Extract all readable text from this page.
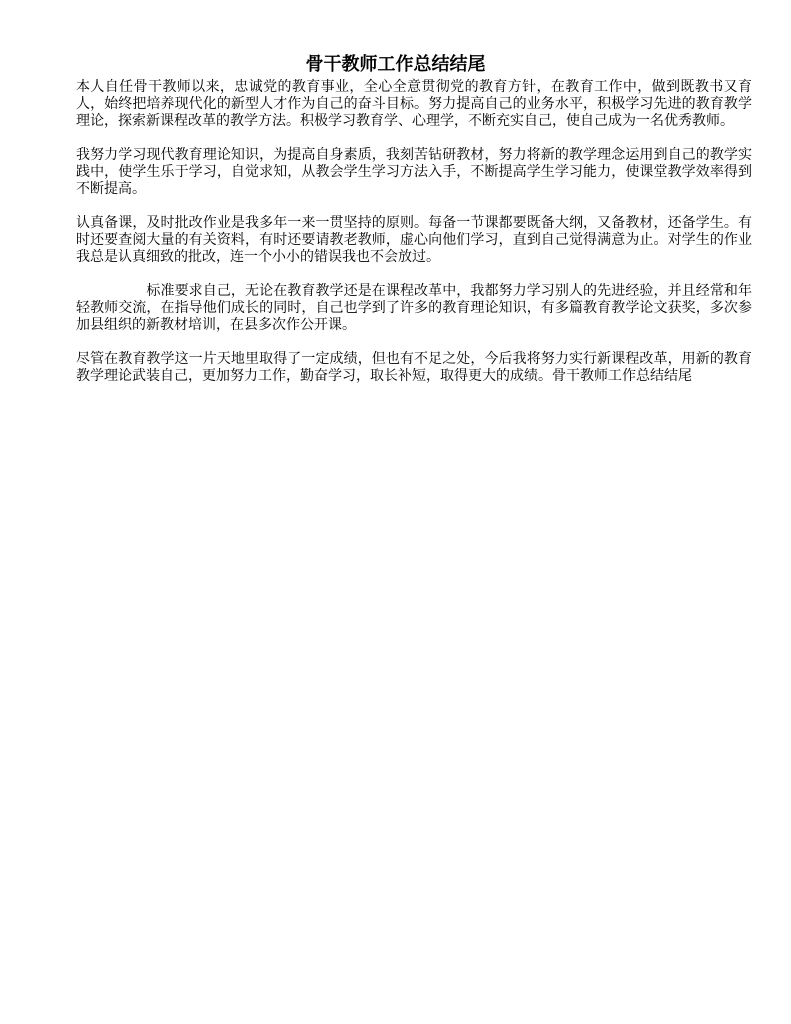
骨干教师工作总结结尾

本人自任骨干教师以来，忠诚党的教育事业，全心全意贯彻党的教育方针，在教育工作中，做到既教书又育人，始终把培养现代化的新型人才作为自己的奋斗目标。努力提高自己的业务水平，积极学习先进的教育教学理论，探索新课程改革的教学方法。积极学习教育学、心理学，不断充实自己，使自己成为一名优秀教师。

我努力学习现代教育理论知识，为提高自身素质，我刻苦钻研教材，努力将新的教学理念运用到自己的教学实践中，使学生乐于学习，自觉求知，从教会学生学习方法入手，不断提高学生学习能力，使课堂教学效率得到不断提高。

认真备课，及时批改作业是我多年一来一贯坚持的原则。每备一节课都要既备大纲，又备教材，还备学生。有时还要查阅大量的有关资料，有时还要请教老教师，虚心向他们学习，直到自己觉得满意为止。对学生的作业我总是认真细致的批改，连一个小小的错误我也不会放过。

　　　　　标准要求自己，无论在教育教学还是在课程改革中，我都努力学习别人的先进经验，并且经常和年轻教师交流，在指导他们成长的同时，自己也学到了许多的教育理论知识，有多篇教育教学论文获奖，多次参加县组织的新教材培训，在县多次作公开课。

尽管在教育教学这一片天地里取得了一定成绩，但也有不足之处，今后我将努力实行新课程改革，用新的教育教学理论武装自己，更加努力工作，勤奋学习，取长补短，取得更大的成绩。骨干教师工作总结结尾
